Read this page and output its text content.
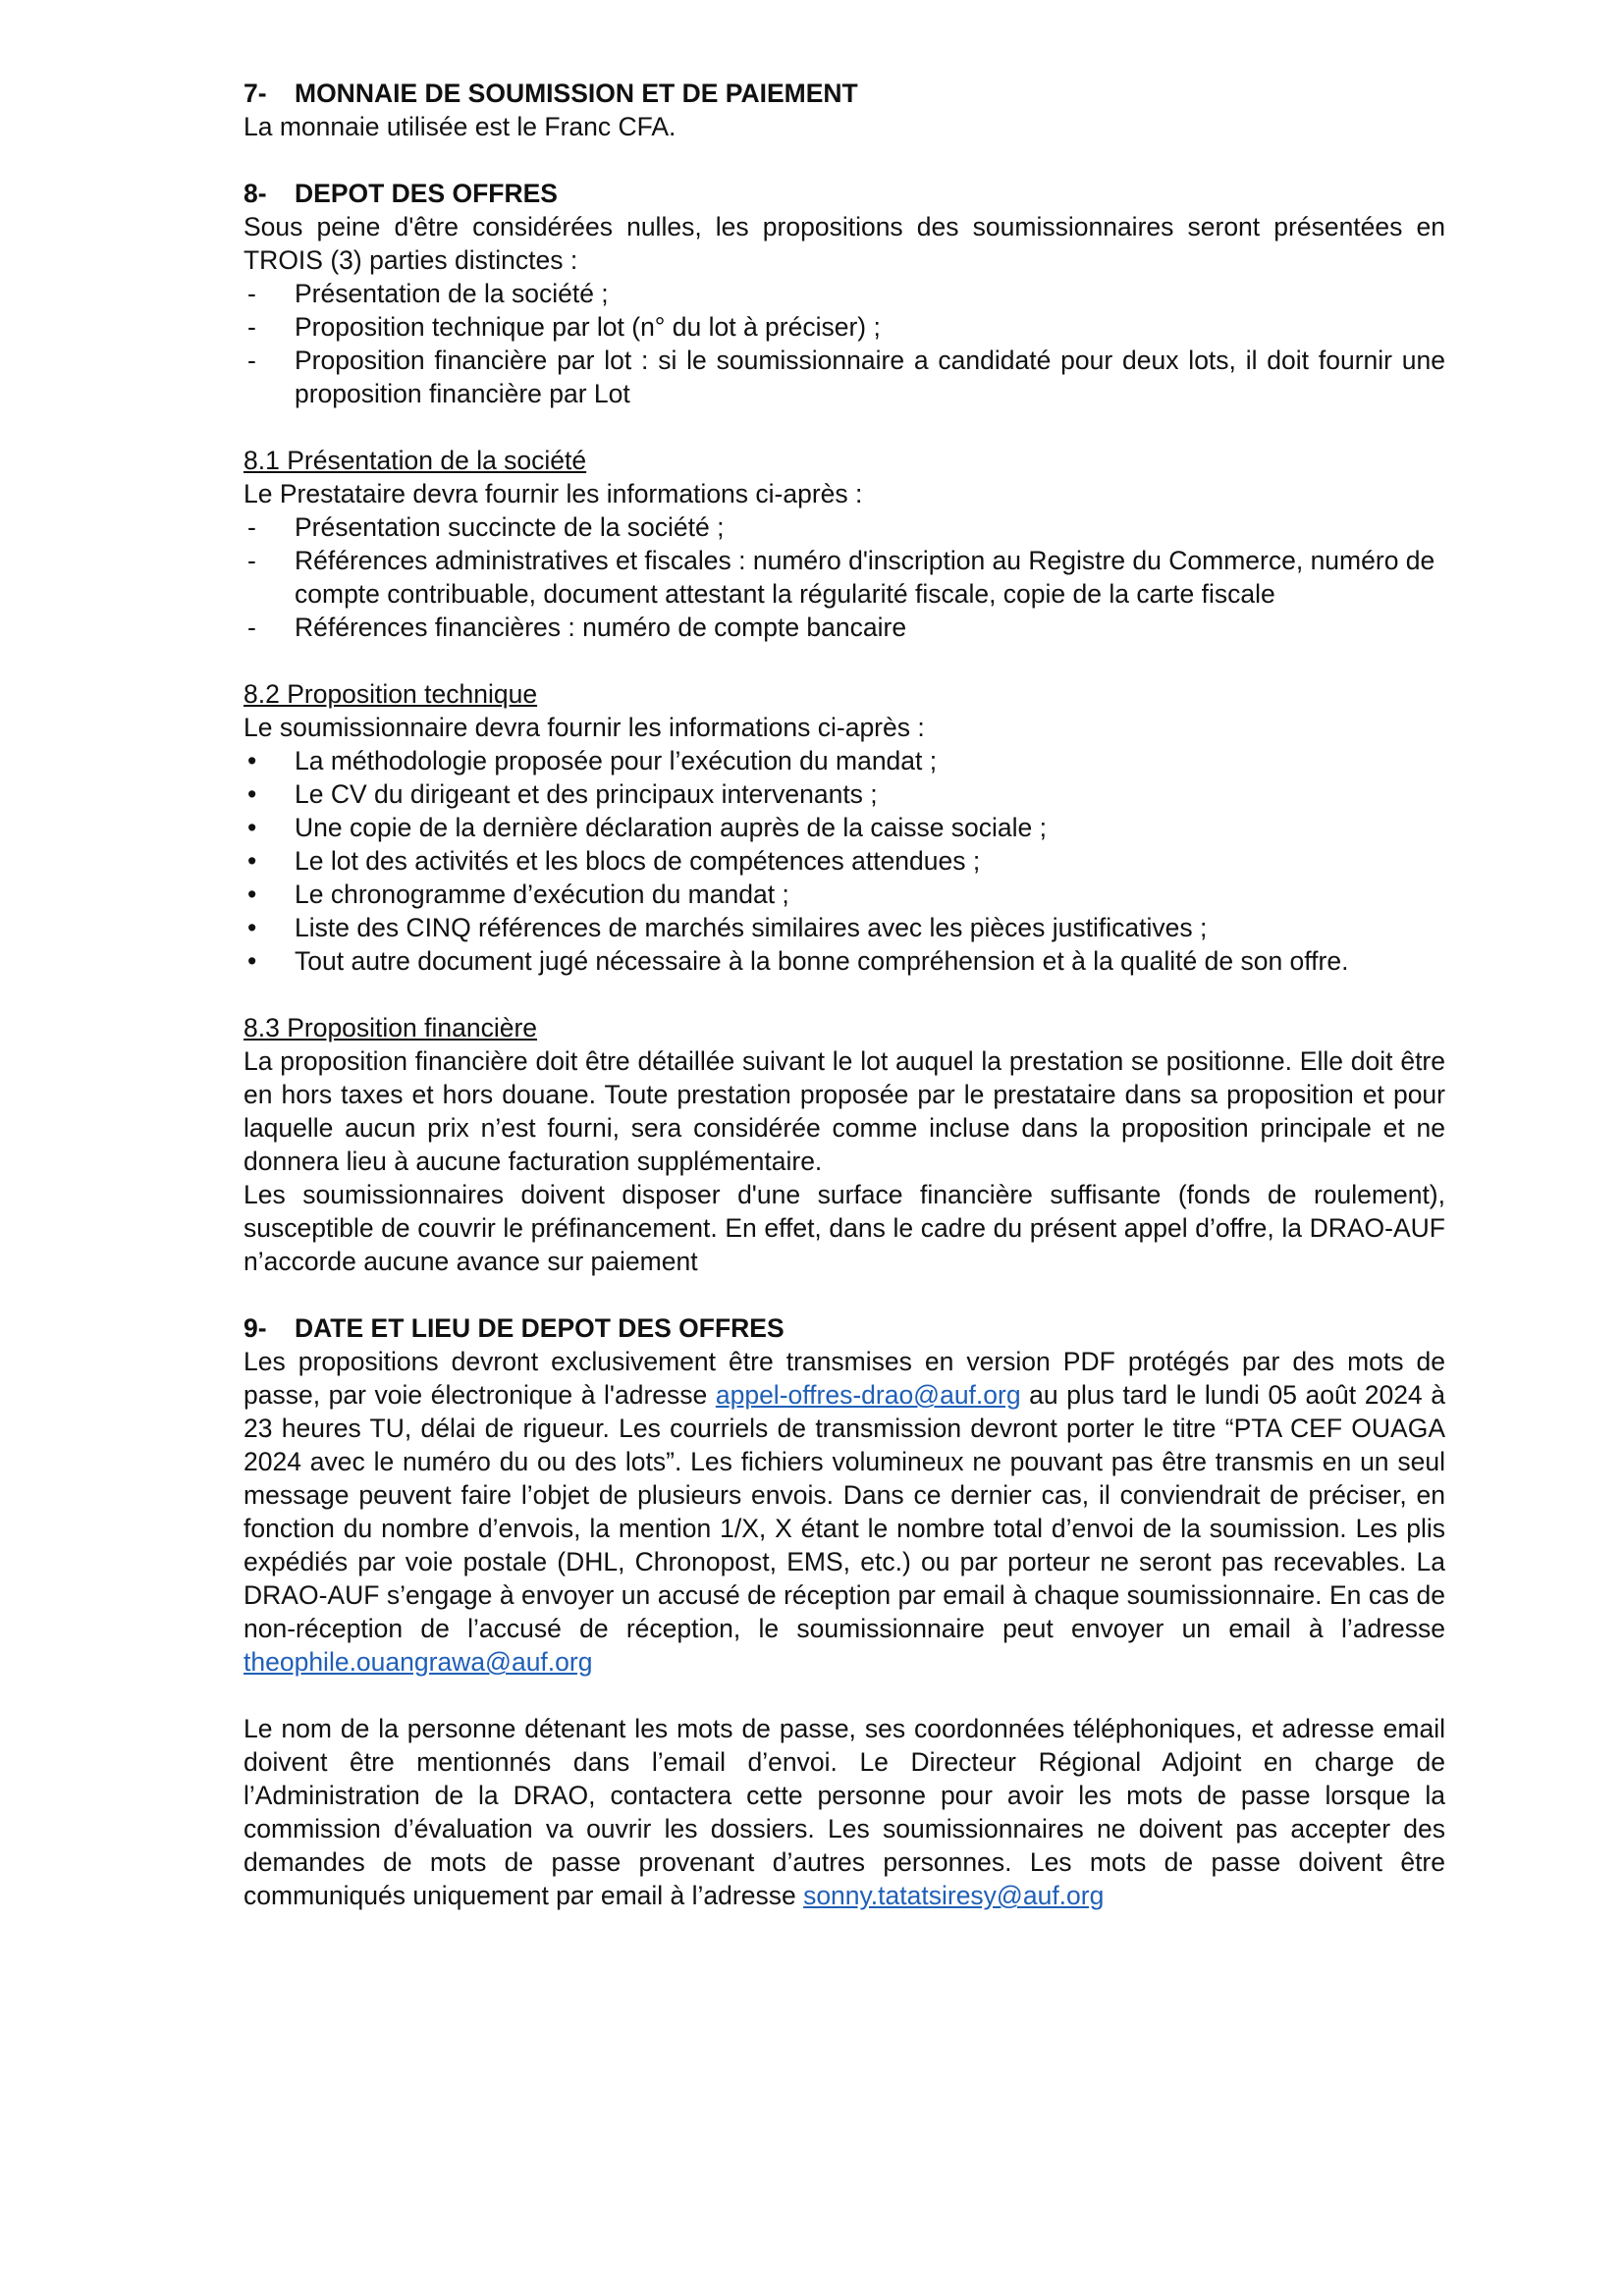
7-	MONNAIE DE SOUMISSION ET DE PAIEMENT

La monnaie utilisée est le Franc CFA.

8-	DEPOT DES OFFRES

Sous peine d'être considérées nulles, les propositions des soumissionnaires seront présentées en TROIS (3) parties distinctes :

- Présentation de la société ;
- Proposition technique par lot (n° du lot à préciser) ;
- Proposition financière par lot : si le soumissionnaire a candidaté pour deux lots, il doit fournir une proposition financière par Lot

8.1 Présentation de la société

Le Prestataire devra fournir les informations ci-après :

- Présentation succincte de la société ;
- Références administratives et fiscales : numéro d'inscription au Registre du Commerce, numéro de compte contribuable, document attestant la régularité fiscale, copie de la carte fiscale
- Références financières : numéro de compte bancaire

8.2 Proposition technique

Le soumissionnaire devra fournir les informations ci-après :

• La méthodologie proposée pour l’exécution du mandat ;
• Le CV du dirigeant et des principaux intervenants ;
• Une copie de la dernière déclaration auprès de la caisse sociale ;
• Le lot des activités et les blocs de compétences attendues ;
• Le chronogramme d’exécution du mandat ;
• Liste des CINQ références de marchés similaires avec les pièces justificatives ;
• Tout autre document jugé nécessaire à la bonne compréhension et à la qualité de son offre.

8.3 Proposition financière

La proposition financière doit être détaillée suivant le lot auquel la prestation se positionne. Elle doit être en hors taxes et hors douane. Toute prestation proposée par le prestataire dans sa proposition et pour laquelle aucun prix n’est fourni, sera considérée comme incluse dans la proposition principale et ne donnera lieu à aucune facturation supplémentaire.

Les soumissionnaires doivent disposer d'une surface financière suffisante (fonds de roulement), susceptible de couvrir le préfinancement. En effet, dans le cadre du présent appel d’offre, la DRAO-AUF n’accorde aucune avance sur paiement

9-	DATE ET LIEU DE DEPOT DES OFFRES

Les propositions devront exclusivement être transmises en version PDF protégés par des mots de passe, par voie électronique à l'adresse appel-offres-drao@auf.org au plus tard le lundi 05 août 2024 à 23 heures TU, délai de rigueur. Les courriels de transmission devront porter le titre “PTA CEF OUAGA 2024 avec le numéro du ou des lots”. Les fichiers volumineux ne pouvant pas être transmis en un seul message peuvent faire l’objet de plusieurs envois. Dans ce dernier cas, il conviendrait de préciser, en fonction du nombre d’envois, la mention 1/X, X étant le nombre total d’envoi de la soumission. Les plis expédiés par voie postale (DHL, Chronopost, EMS, etc.) ou par porteur ne seront pas recevables. La DRAO-AUF s’engage à envoyer un accusé de réception par email à chaque soumissionnaire. En cas de non-réception de l’accusé de réception, le soumissionnaire peut envoyer un email à l’adresse theophile.ouangrawa@auf.org

Le nom de la personne détenant les mots de passe, ses coordonnées téléphoniques, et adresse email doivent être mentionnés dans l’email d’envoi. Le Directeur Régional Adjoint en charge de l’Administration de la DRAO, contactera cette personne pour avoir les mots de passe lorsque la commission d’évaluation va ouvrir les dossiers. Les soumissionnaires ne doivent pas accepter des demandes de mots de passe provenant d’autres personnes. Les mots de passe doivent être communiqués uniquement par email à l’adresse sonny.tatatsiresy@auf.org
